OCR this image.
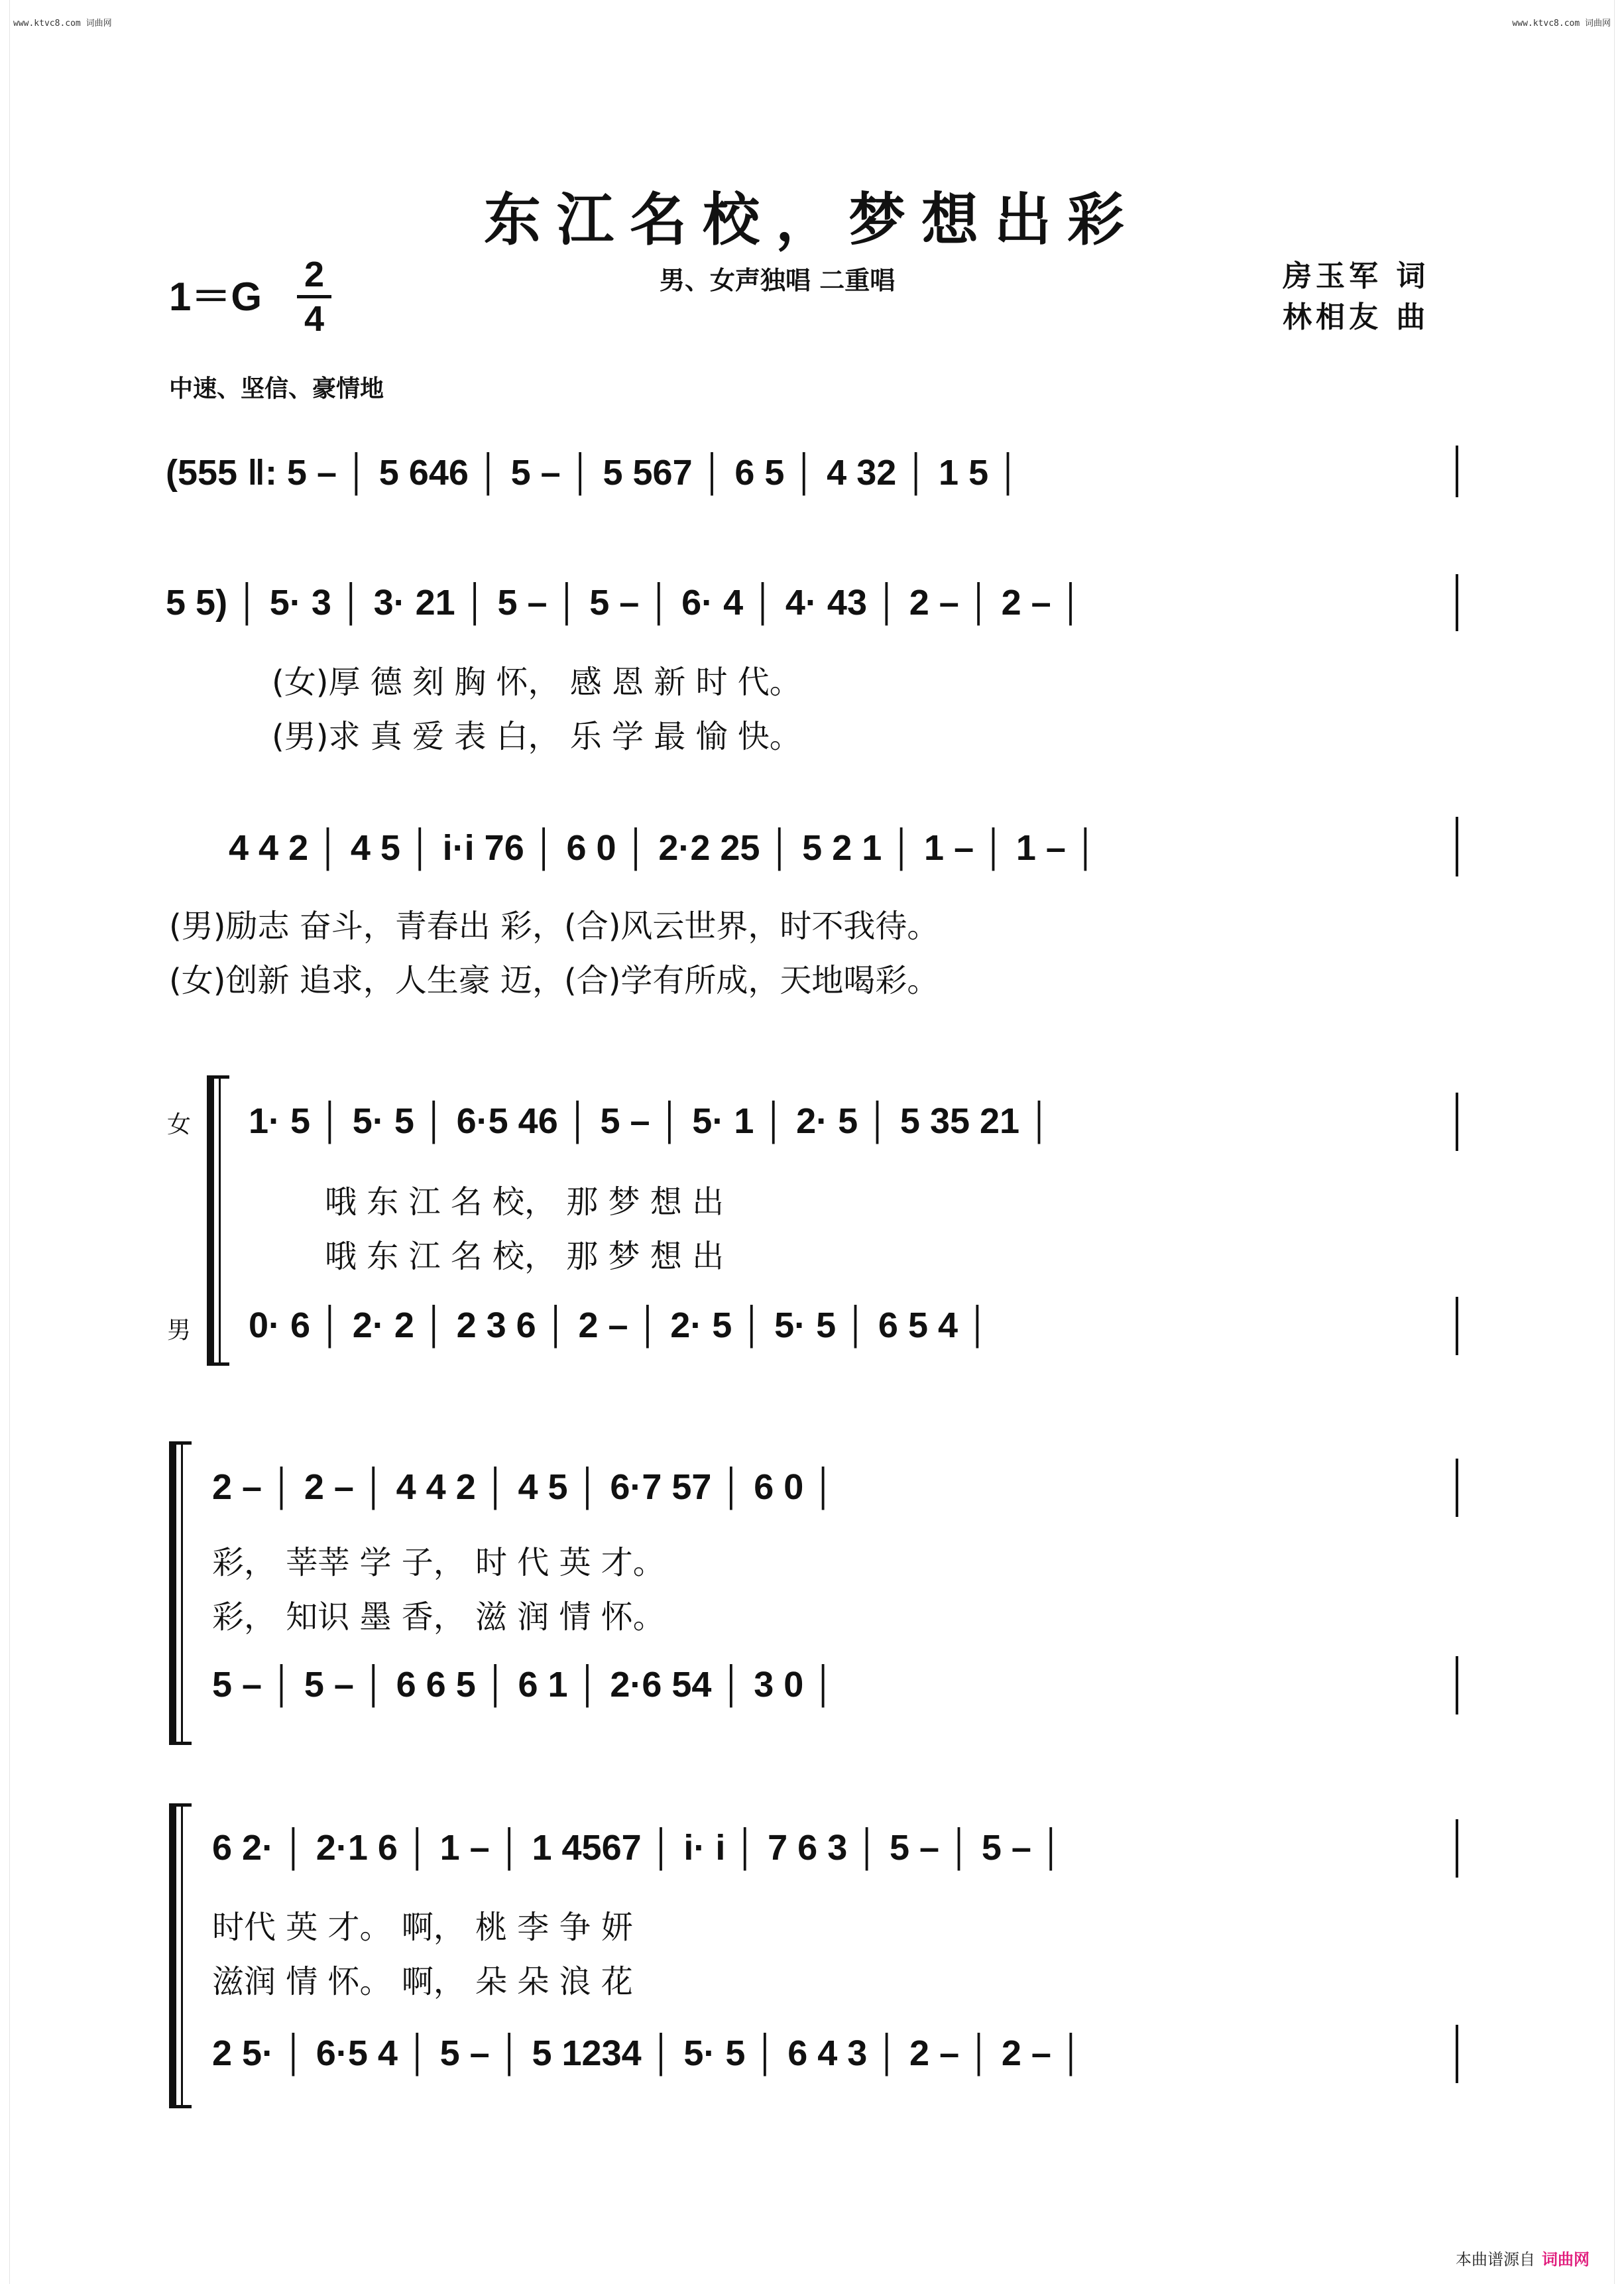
www.ktvc8.com 词曲网	www.ktvc8.com 词曲网
东江名校，梦想出彩
1＝G 2
4
男、女声独唱 二重唱	房玉军 词
林相友 曲
中速、坚信、豪情地
(555 ‖: 5 – │ 5 646 │ 5 – │ 5 567 │ 6 5 │ 4 32 │ 1 5 │
5 5) │ 5· 3 │ 3· 21 │ 5 – │ 5 – │ 6· 4 │ 4· 43 │ 2 – │ 2 – │
(女)厚 德 刻 胸 怀， 感 恩 新 时 代。
(男)求 真 爱 表 白， 乐 学 最 愉 快。
4 4 2 │ 4 5 │ i·i 76 │ 6 0 │ 2·2 25 │ 5 2 1 │ 1 – │ 1 – │
(男)励志 奋斗，青春出 彩，(合)风云世界，时不我待。
(女)创新 追求，人生豪 迈，(合)学有所成，天地喝彩。
女
男
1· 5 │ 5· 5 │ 6·5 46 │ 5 – │ 5· 1 │ 2· 5 │ 5 35 21 │
哦 东 江 名 校， 那 梦 想 出
哦 东 江 名 校， 那 梦 想 出
0· 6 │ 2· 2 │ 2 3 6 │ 2 – │ 2· 5 │ 5· 5 │ 6 5 4 │
2 – │ 2 – │ 4 4 2 │ 4 5 │ 6·7 57 │ 6 0 │
彩， 莘莘 学 子， 时 代 英 才。
彩， 知识 墨 香， 滋 润 情 怀。
5 – │ 5 – │ 6 6 5 │ 6 1 │ 2·6 54 │ 3 0 │
6 2· │ 2·1 6 │ 1 – │ 1 4567 │ i· i │ 7 6 3 │ 5 – │ 5 – │
时代 英 才。 啊， 桃 李 争 妍
滋润 情 怀。 啊， 朵 朵 浪 花
2 5· │ 6·5 4 │ 5 – │ 5 1234 │ 5· 5 │ 6 4 3 │ 2 – │ 2 – │
本曲谱源自 词曲网
